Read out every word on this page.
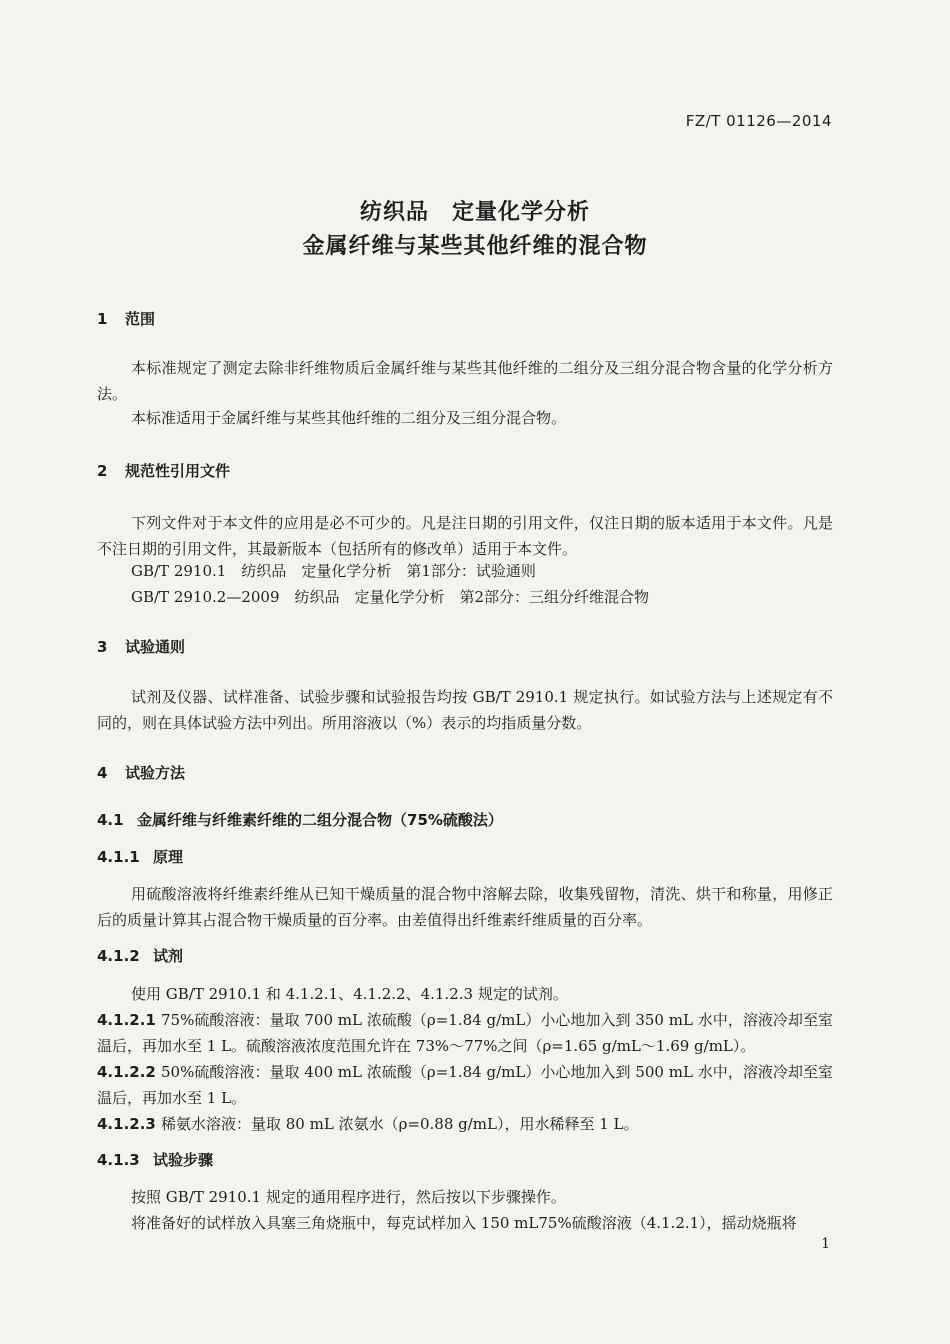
FZ/T 01126—2014
纺织品　定量化学分析
金属纤维与某些其他纤维的混合物
1 范围
本标准规定了测定去除非纤维物质后金属纤维与某些其他纤维的二组分及三组分混合物含量的化学分析方法。
本标准适用于金属纤维与某些其他纤维的二组分及三组分混合物。
2 规范性引用文件
下列文件对于本文件的应用是必不可少的。凡是注日期的引用文件，仅注日期的版本适用于本文件。凡是不注日期的引用文件，其最新版本（包括所有的修改单）适用于本文件。
GB/T 2910.1　纺织品　定量化学分析　第1部分：试验通则
GB/T 2910.2—2009　纺织品　定量化学分析　第2部分：三组分纤维混合物
3 试验通则
试剂及仪器、试样准备、试验步骤和试验报告均按 GB/T 2910.1 规定执行。如试验方法与上述规定有不同的，则在具体试验方法中列出。所用溶液以（%）表示的均指质量分数。
4 试验方法
4.1 金属纤维与纤维素纤维的二组分混合物（75%硫酸法）
4.1.1 原理
用硫酸溶液将纤维素纤维从已知干燥质量的混合物中溶解去除，收集残留物，清洗、烘干和称量，用修正后的质量计算其占混合物干燥质量的百分率。由差值得出纤维素纤维质量的百分率。
4.1.2 试剂
使用 GB/T 2910.1 和 4.1.2.1、4.1.2.2、4.1.2.3 规定的试剂。
4.1.2.1 75%硫酸溶液：量取 700 mL 浓硫酸（ρ=1.84 g/mL）小心地加入到 350 mL 水中，溶液冷却至室温后，再加水至 1 L。硫酸溶液浓度范围允许在 73%～77%之间（ρ=1.65 g/mL～1.69 g/mL）。
4.1.2.2 50%硫酸溶液：量取 400 mL 浓硫酸（ρ=1.84 g/mL）小心地加入到 500 mL 水中，溶液冷却至室温后，再加水至 1 L。
4.1.2.3 稀氨水溶液：量取 80 mL 浓氨水（ρ=0.88 g/mL），用水稀释至 1 L。
4.1.3 试验步骤
按照 GB/T 2910.1 规定的通用程序进行，然后按以下步骤操作。
将准备好的试样放入具塞三角烧瓶中，每克试样加入 150 mL75%硫酸溶液（4.1.2.1），摇动烧瓶将
1
